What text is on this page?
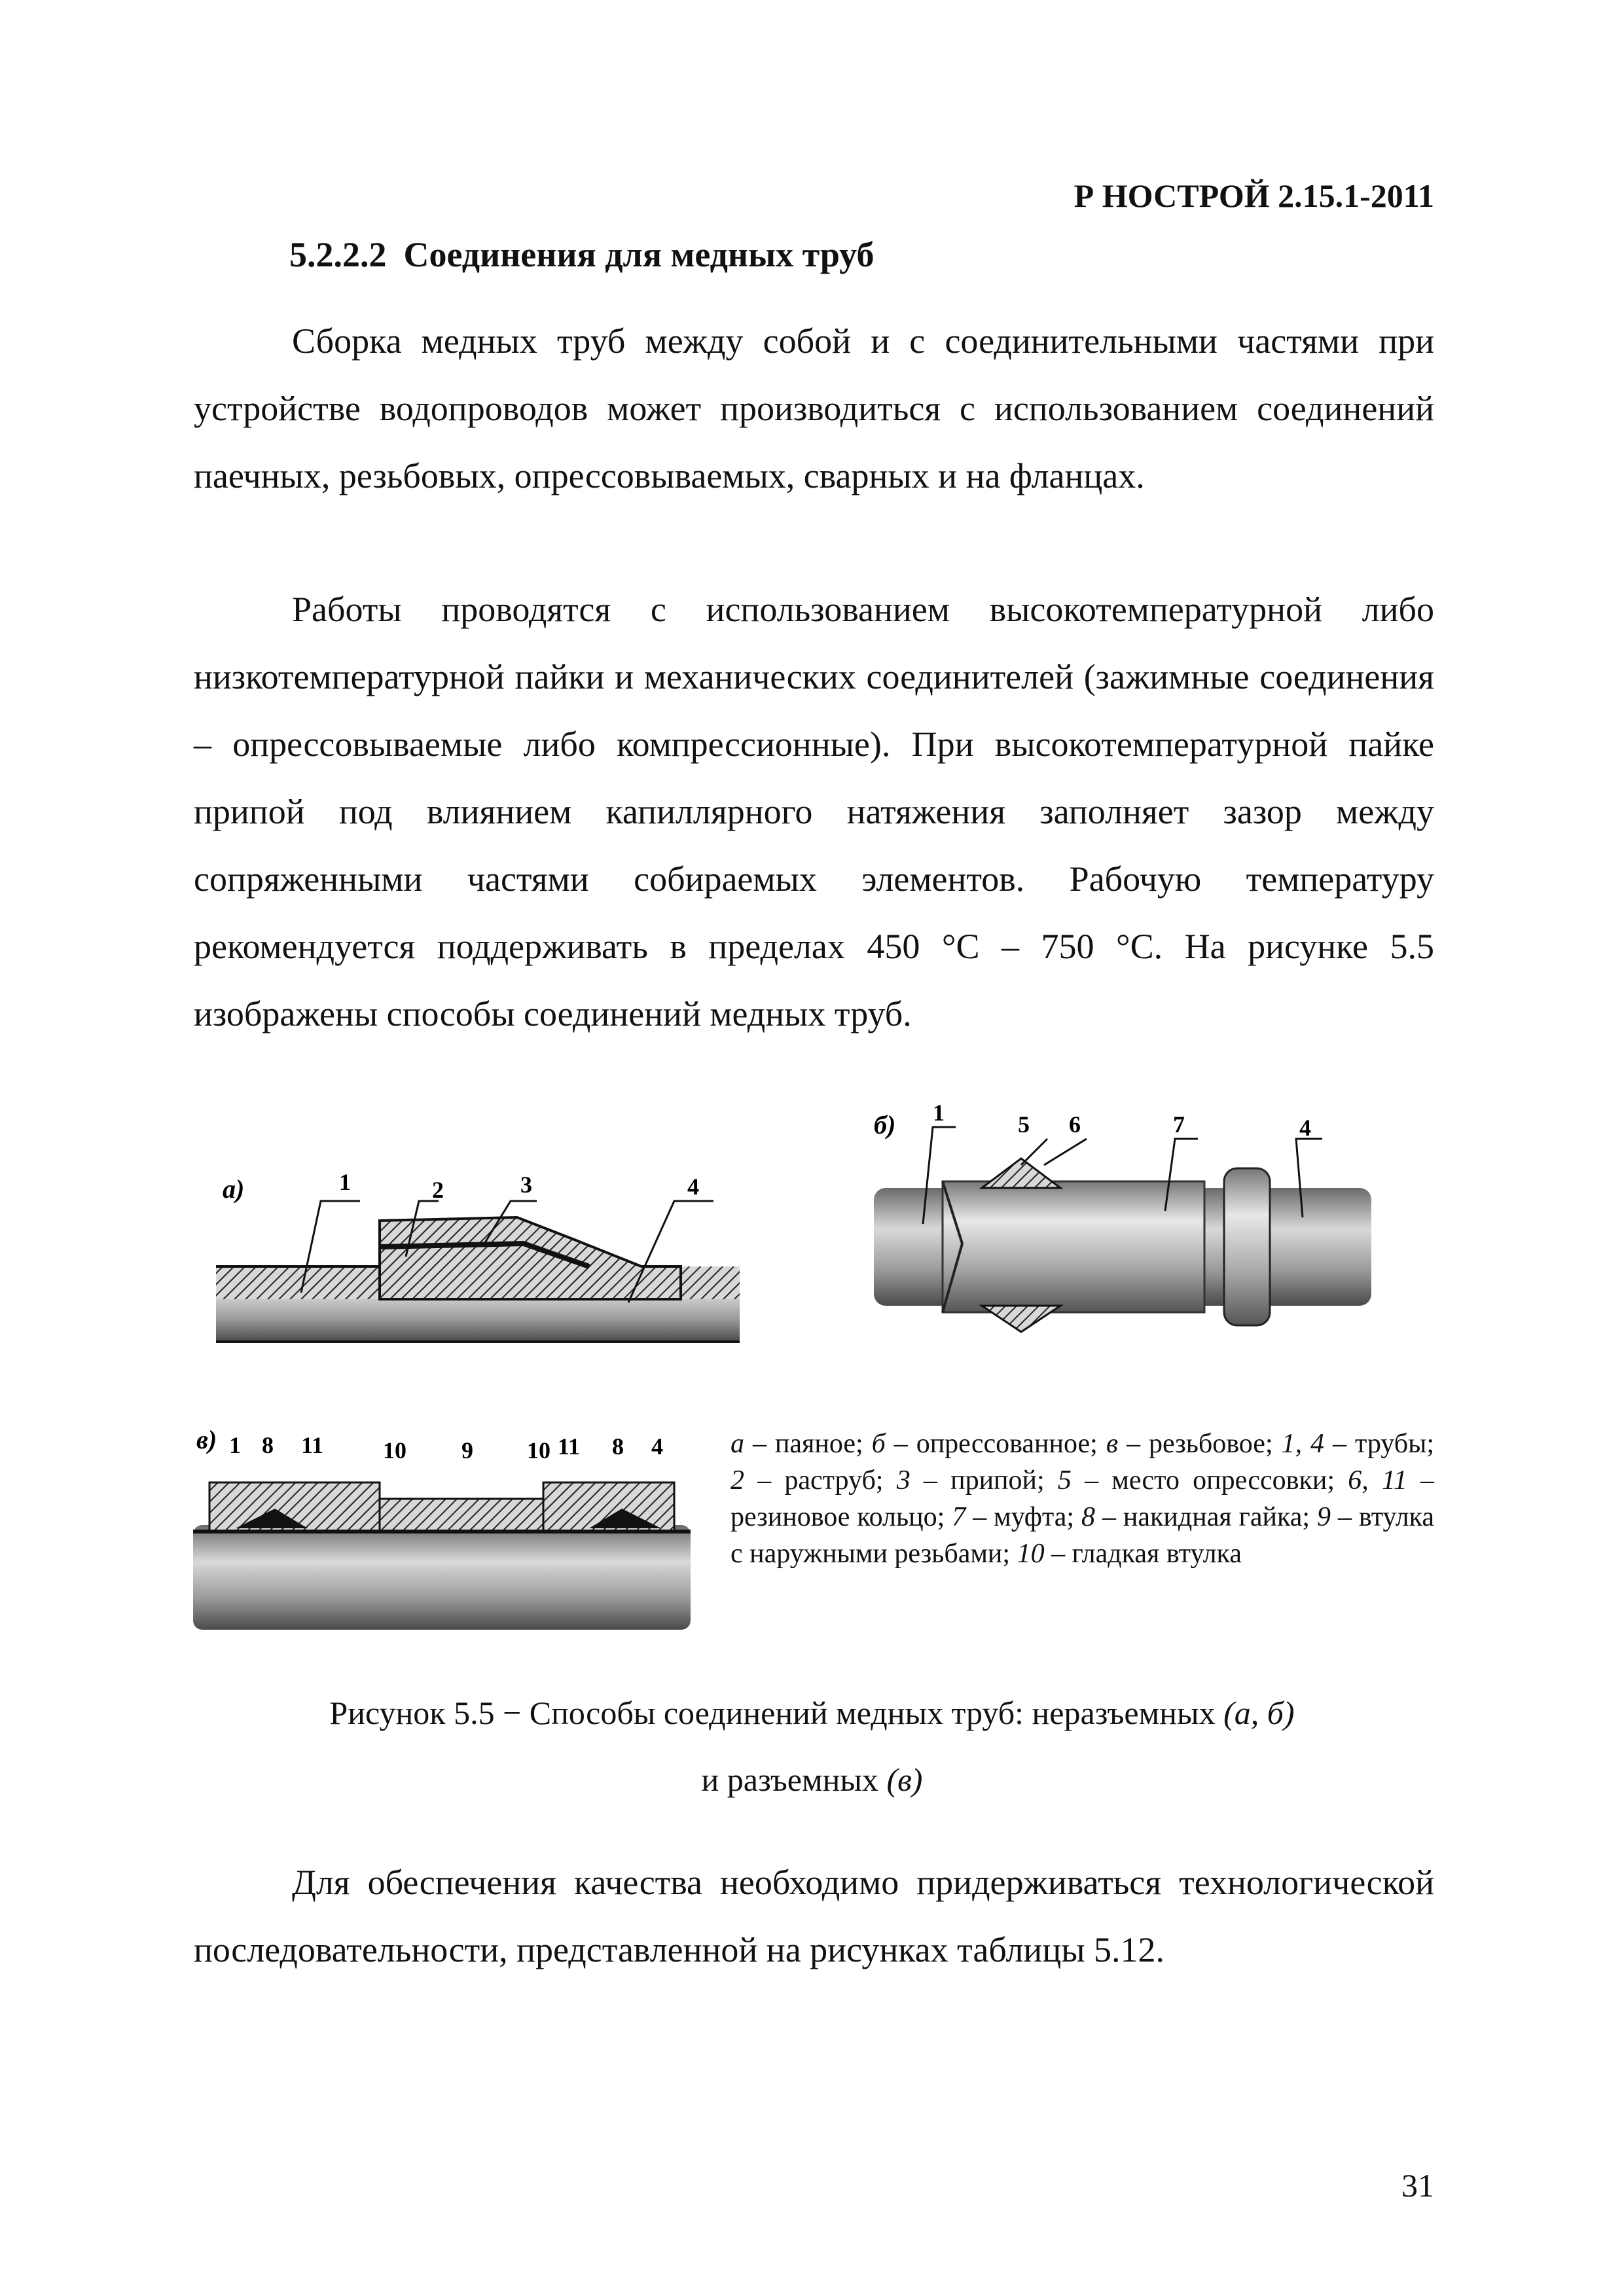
Р НОСТРОЙ 2.15.1-2011
5.2.2.2 Соединения для медных труб

Сборка медных труб между собой и с соединительными частями при устройстве водопроводов может производиться с использованием соединений паечных, резьбовых, опрессовываемых, сварных и на фланцах.

Работы проводятся с использованием высокотемпературной либо низкотемпературной пайки и механических соединителей (зажимные соединения – опрессовываемые либо компрессионные). При высокотемпературной пайке припой под влиянием капиллярного натяжения заполняет зазор между сопряженными частями собираемых элементов. Рабочую температуру рекомендуется поддерживать в пределах 450 °С – 750 °С. На рисунке 5.5 изображены способы соединений медных труб.

а)
б)
в)
1	2	3	4
1	5 6	7	4
1 8 11	10 9 10 11 8 4 а – паяное; б – опрессованное; в – резьбовое; 1, 4 – трубы; 2 – раструб; 3 – припой; 5 – место опрессовки; 6, 11 – резиновое кольцо; 7 – муфта; 8 – накидная гайка; 9 – втулка с наружными резьбами; 10 – гладкая втулка

Рисунок 5.5 − Способы соединений медных труб: неразъемных (а, б)
и разъемных (в)

Для обеспечения качества необходимо придерживаться технологической последовательности, представленной на рисунках таблицы 5.12.

31
